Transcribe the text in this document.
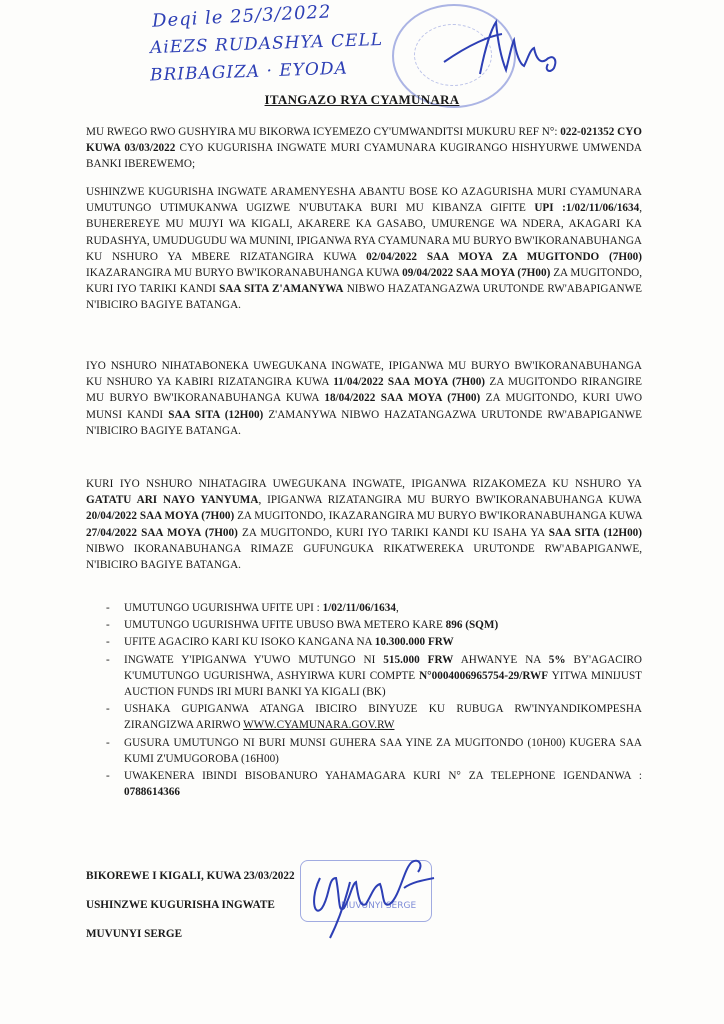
Deqi le 25/3/2022
AiEZS RUDASHYA CELL
BRIBAGIZA · EYODA
ITANGAZO RYA CYAMUNARA
MU RWEGO RWO GUSHYIRA MU BIKORWA ICYEMEZO CY'UMWANDITSI MUKURU REF N°: 022-021352 CYO KUWA 03/03/2022 CYO KUGURISHA INGWATE MURI CYAMUNARA KUGIRANGO HISHYURWE UMWENDA BANKI IBEREWEMO;
USHINZWE KUGURISHA INGWATE ARAMENYESHA ABANTU BOSE KO AZAGURISHA MURI CYAMUNARA UMUTUNGO UTIMUKANWA UGIZWE N'UBUTAKA BURI MU KIBANZA GIFITE UPI :1/02/11/06/1634, BUHEREREYE MU MUJYI WA KIGALI, AKARERE KA GASABO, UMURENGE WA NDERA, AKAGARI KA RUDASHYA, UMUDUGUDU WA MUNINI, IPIGANWA RYA CYAMUNARA MU BURYO BW'IKORANABUHANGA KU NSHURO YA MBERE RIZATANGIRA KUWA 02/04/2022 SAA MOYA ZA MUGITONDO (7H00) IKAZARANGIRA MU BURYO BW'IKORANABUHANGA KUWA 09/04/2022 SAA MOYA (7H00) ZA MUGITONDO, KURI IYO TARIKI KANDI SAA SITA Z'AMANYWA NIBWO HAZATANGAZWA URUTONDE RW'ABAPIGANWE N'IBICIRO BAGIYE BATANGA.
IYO NSHURO NIHATABONEKA UWEGUKANA INGWATE, IPIGANWA MU BURYO BW'IKORANABUHANGA KU NSHURO YA KABIRI RIZATANGIRA KUWA 11/04/2022 SAA MOYA (7H00) ZA MUGITONDO RIRANGIRE MU BURYO BW'IKORANABUHANGA KUWA 18/04/2022 SAA MOYA (7H00) ZA MUGITONDO, KURI UWO MUNSI KANDI SAA SITA (12H00) Z'AMANYWA NIBWO HAZATANGAZWA URUTONDE RW'ABAPIGANWE N'IBICIRO BAGIYE BATANGA.
KURI IYO NSHURO NIHATAGIRA UWEGUKANA INGWATE, IPIGANWA RIZAKOMEZA KU NSHURO YA GATATU ARI NAYO YANYUMA, IPIGANWA RIZATANGIRA MU BURYO BW'IKORANABUHANGA KUWA 20/04/2022 SAA MOYA (7H00) ZA MUGITONDO, IKAZARANGIRA MU BURYO BW'IKORANABUHANGA KUWA 27/04/2022 SAA MOYA (7H00) ZA MUGITONDO, KURI IYO TARIKI KANDI KU ISAHA YA SAA SITA (12H00) NIBWO IKORANABUHANGA RIMAZE GUFUNGUKA RIKATWEREKA URUTONDE RW'ABAPIGANWE, N'IBICIRO BAGIYE BATANGA.
- UMUTUNGO UGURISHWA UFITE UPI : 1/02/11/06/1634,
- UMUTUNGO UGURISHWA UFITE UBUSO BWA METERO KARE 896 (SQM)
- UFITE AGACIRO KARI KU ISOKO KANGANA NA 10.300.000 FRW
- INGWATE Y'IPIGANWA Y'UWO MUTUNGO NI 515.000 FRW AHWANYE NA 5% BY'AGACIRO K'UMUTUNGO UGURISHWA, ASHYIRWA KURI COMPTE N°0004006965754-29/RWF YITWA MINIJUST AUCTION FUNDS IRI MURI BANKI YA KIGALI (BK)
- USHAKA GUPIGANWA ATANGA IBICIRO BINYUZE KU RUBUGA RW'INYANDIKOMPESHA ZIRANGIZWA ARIRWO WWW.CYAMUNARA.GOV.RW
- GUSURA UMUTUNGO NI BURI MUNSI GUHERA SAA YINE ZA MUGITONDO (10H00) KUGERA SAA KUMI Z'UMUGOROBA (16H00)
- UWAKENERA IBINDI BISOBANURO YAHAMAGARA KURI N° ZA TELEPHONE IGENDANWA : 0788614366
BIKOREWE I KIGALI, KUWA 23/03/2022
USHINZWE KUGURISHA INGWATE
MUVUNYI SERGE
MUVUNYI SERGE
